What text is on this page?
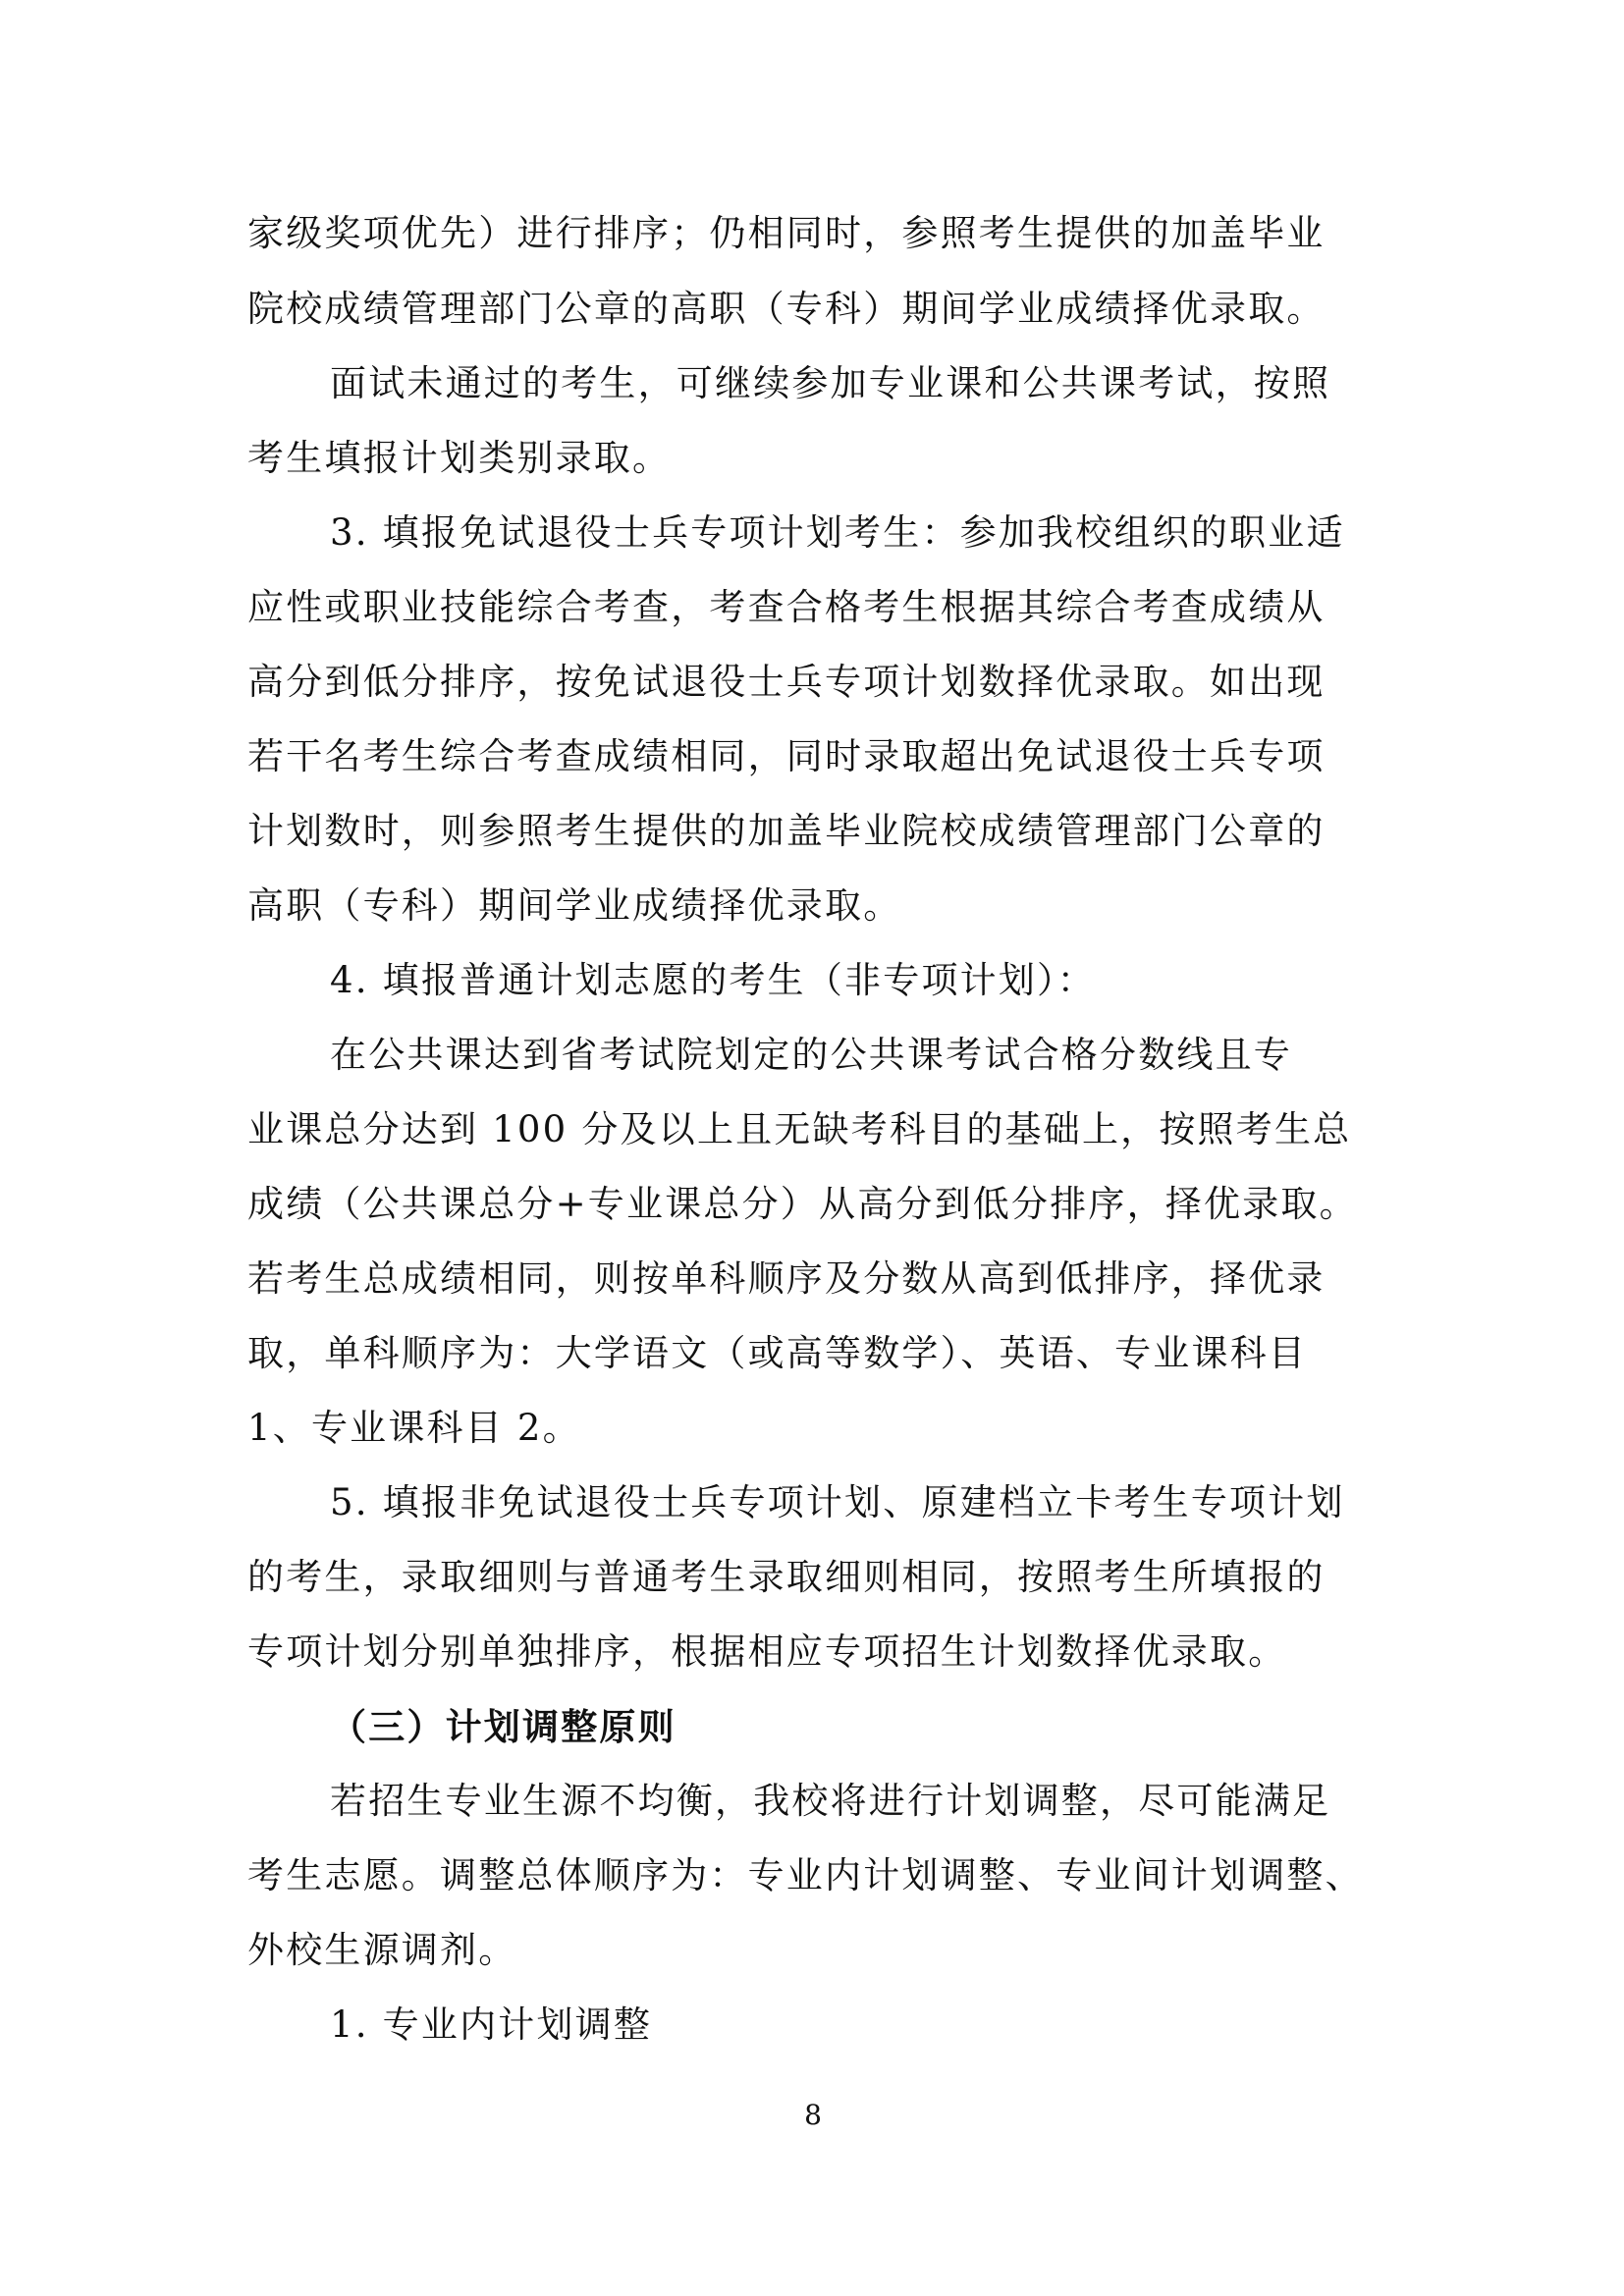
家级奖项优先）进行排序；仍相同时，参照考生提供的加盖毕业
院校成绩管理部门公章的高职（专科）期间学业成绩择优录取。
面试未通过的考生，可继续参加专业课和公共课考试，按照
考生填报计划类别录取。
3. 填报免试退役士兵专项计划考生：参加我校组织的职业适
应性或职业技能综合考查，考查合格考生根据其综合考查成绩从
高分到低分排序，按免试退役士兵专项计划数择优录取。如出现
若干名考生综合考查成绩相同，同时录取超出免试退役士兵专项
计划数时，则参照考生提供的加盖毕业院校成绩管理部门公章的
高职（专科）期间学业成绩择优录取。
4. 填报普通计划志愿的考生（非专项计划）：
在公共课达到省考试院划定的公共课考试合格分数线且专
业课总分达到 100 分及以上且无缺考科目的基础上，按照考生总
成绩（公共课总分+专业课总分）从高分到低分排序，择优录取。
若考生总成绩相同，则按单科顺序及分数从高到低排序，择优录
取，单科顺序为：大学语文（或高等数学）、英语、专业课科目
1、专业课科目 2。
5. 填报非免试退役士兵专项计划、原建档立卡考生专项计划
的考生，录取细则与普通考生录取细则相同，按照考生所填报的
专项计划分别单独排序，根据相应专项招生计划数择优录取。
（三）计划调整原则
若招生专业生源不均衡，我校将进行计划调整，尽可能满足
考生志愿。调整总体顺序为：专业内计划调整、专业间计划调整、
外校生源调剂。
1. 专业内计划调整
8
